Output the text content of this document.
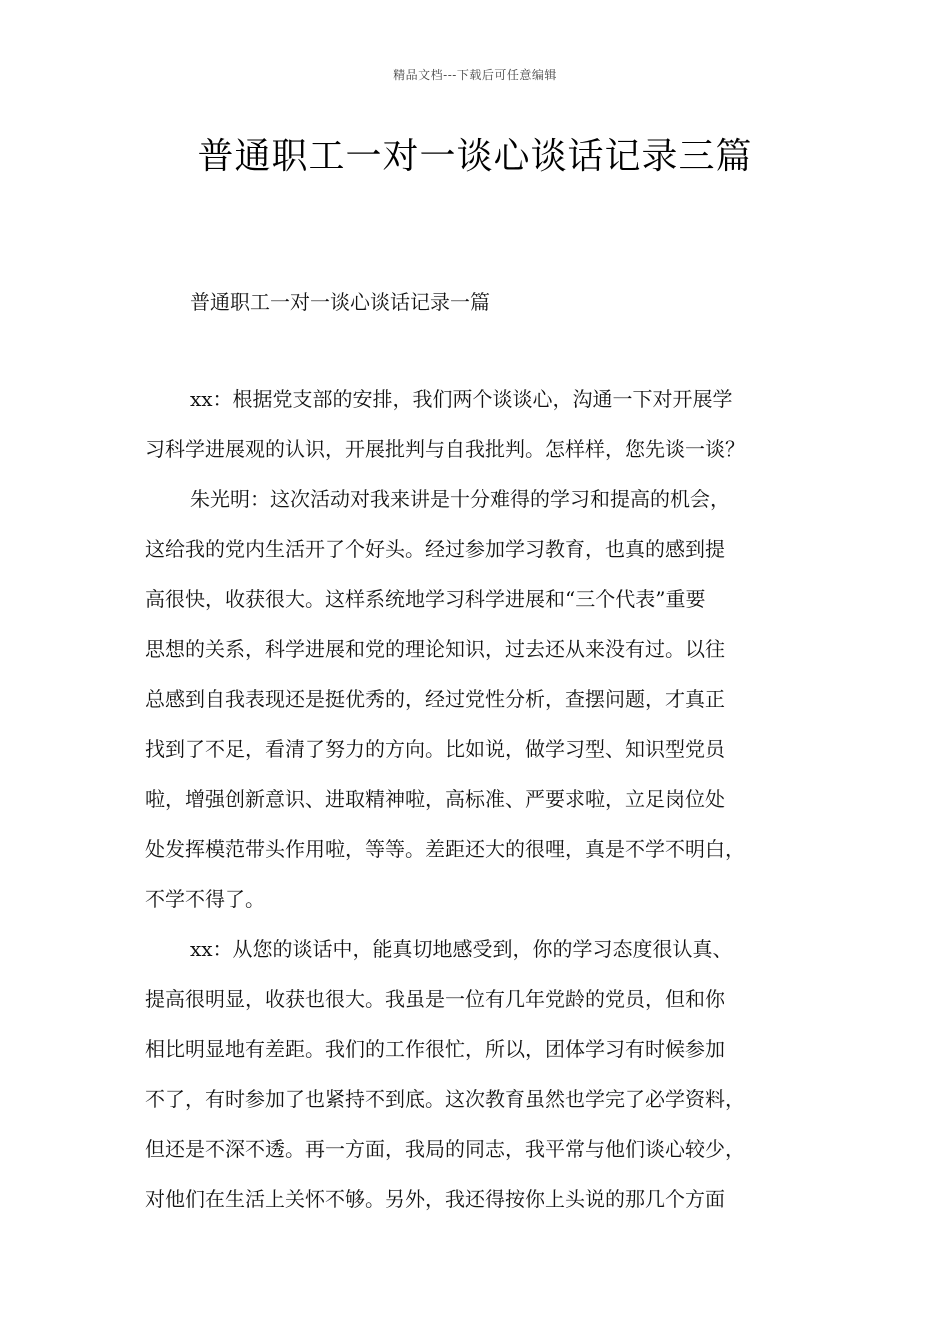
精品文档---下载后可任意编辑
普通职工一对一谈心谈话记录三篇
普通职工一对一谈心谈话记录一篇
xx：根据党支部的安排，我们两个谈谈心，沟通一下对开展学
习科学进展观的认识，开展批判与自我批判。怎样样，您先谈一谈？
朱光明：这次活动对我来讲是十分难得的学习和提高的机会，
这给我的党内生活开了个好头。经过参加学习教育，也真的感到提
高很快，收获很大。这样系统地学习科学进展和“三个代表”重要
思想的关系，科学进展和党的理论知识，过去还从来没有过。以往
总感到自我表现还是挺优秀的，经过党性分析，查摆问题，才真正
找到了不足，看清了努力的方向。比如说，做学习型、知识型党员
啦，增强创新意识、进取精神啦，高标准、严要求啦，立足岗位处
处发挥模范带头作用啦，等等。差距还大的很哩，真是不学不明白，
不学不得了。
xx：从您的谈话中，能真切地感受到，你的学习态度很认真、
提高很明显，收获也很大。我虽是一位有几年党龄的党员，但和你
相比明显地有差距。我们的工作很忙，所以，团体学习有时候参加
不了，有时参加了也紧持不到底。这次教育虽然也学完了必学资料，
但还是不深不透。再一方面，我局的同志，我平常与他们谈心较少，
对他们在生活上关怀不够。另外，我还得按你上头说的那几个方面
